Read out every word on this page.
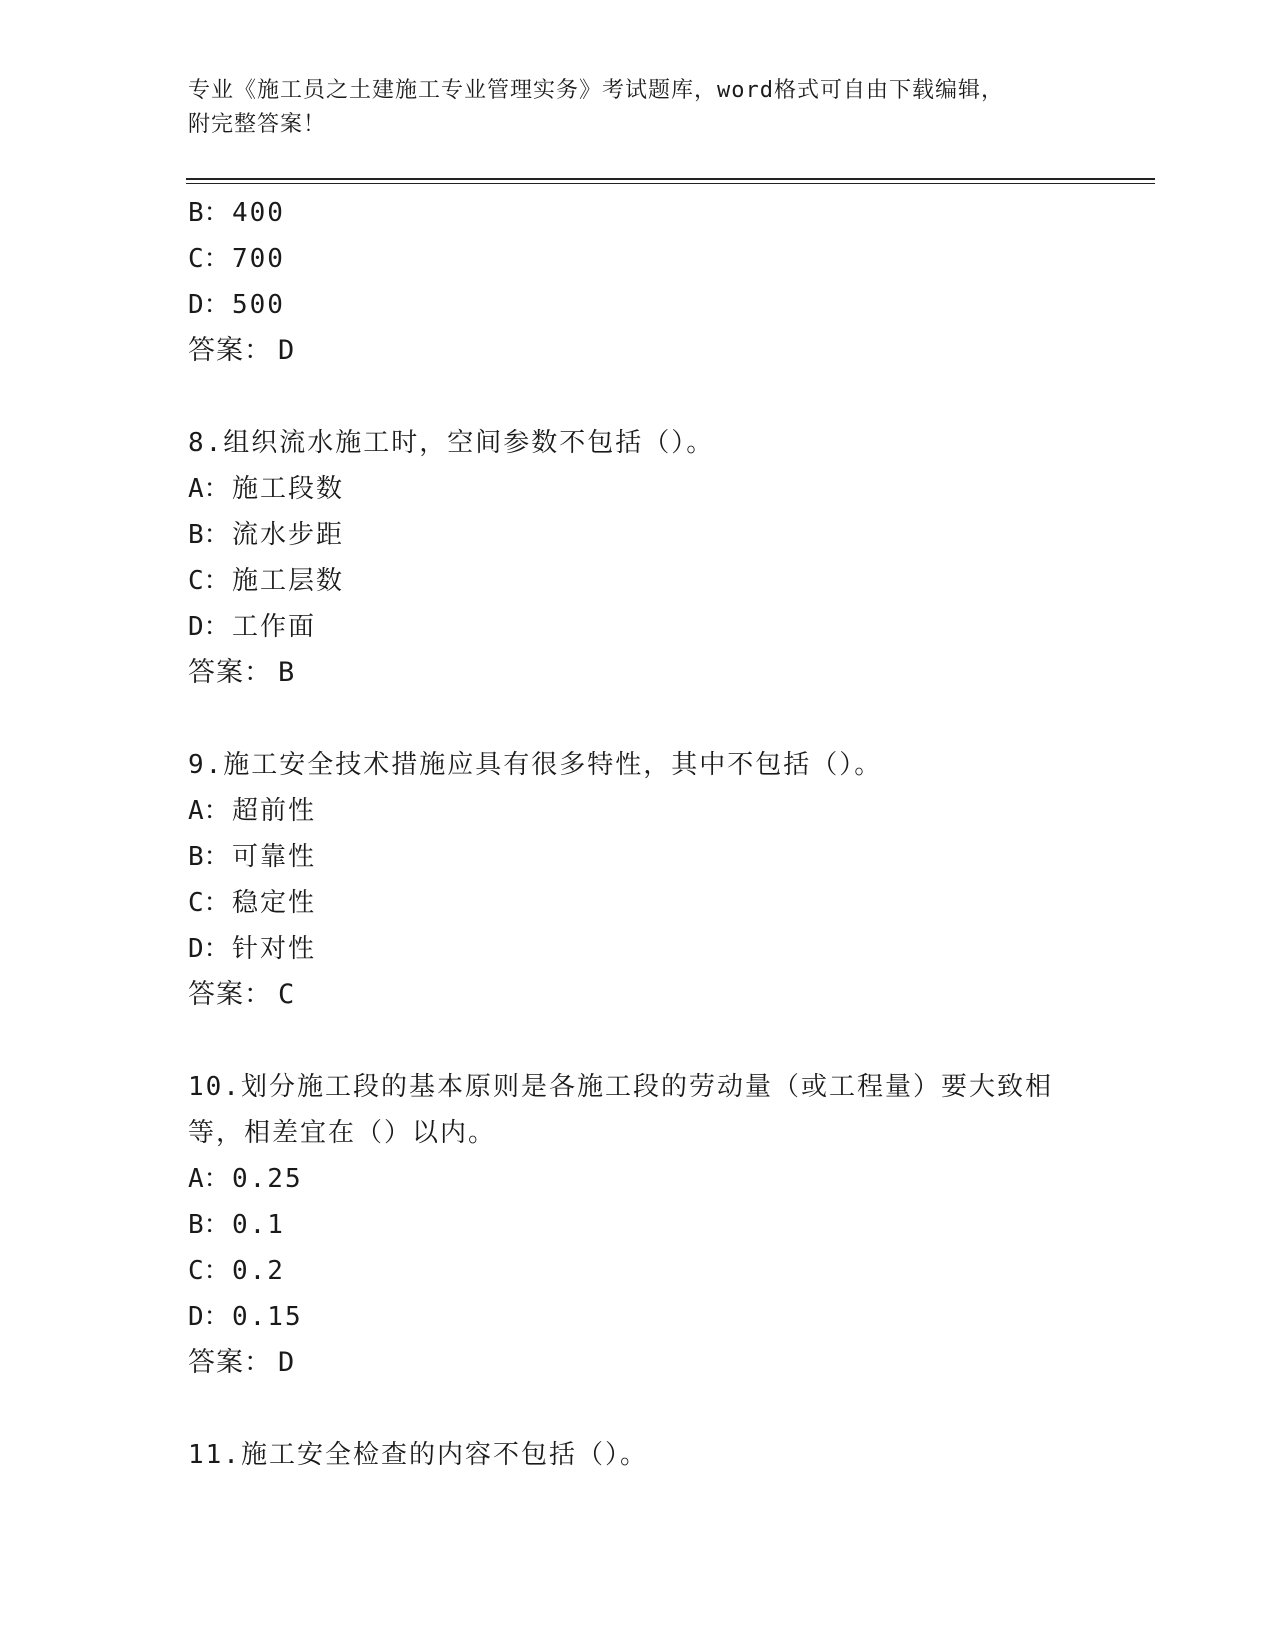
专业《施工员之土建施工专业管理实务》考试题库，word格式可自由下载编辑，
附完整答案！
B：400
C：700
D：500
答案： D
8.组织流水施工时，空间参数不包括（）。
A：施工段数
B：流水步距
C：施工层数
D：工作面
答案： B
9.施工安全技术措施应具有很多特性，其中不包括（）。
A：超前性
B：可靠性
C：稳定性
D：针对性
答案： C
10.划分施工段的基本原则是各施工段的劳动量（或工程量）要大致相
等，相差宜在（）以内。
A：0.25
B：0.1
C：0.2
D：0.15
答案： D
11.施工安全检查的内容不包括（）。
